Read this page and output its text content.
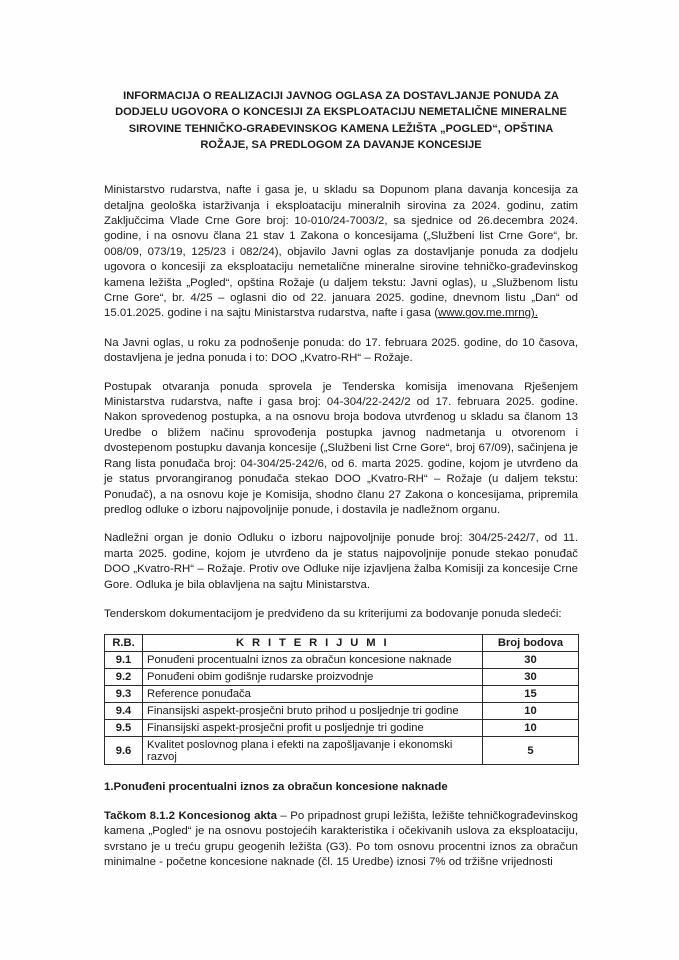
INFORMACIJA O REALIZACIJI JAVNOG OGLASA ZA DOSTAVLJANJE PONUDA ZA
DODJELU UGOVORA O KONCESIJI ZA EKSPLOATACIJU NEMETALIČNE MINERALNE
SIROVINE TEHNIČKO-GRAĐEVINSKOG KAMENA LEŽIŠTA „POGLED“, OPŠTINA
ROŽAJE, SA PREDLOGOM ZA DAVANJE KONCESIJE

Ministarstvo rudarstva, nafte i gasa je, u skladu sa Dopunom plana davanja koncesija za detaljna geološka istarživanja i eksploataciju mineralnih sirovina za 2024. godinu, zatim Zaključcima Vlade Crne Gore broj: 10-010/24-7003/2, sa sjednice od 26.decembra 2024. godine, i na osnovu člana 21 stav 1 Zakona o koncesijama („Službeni list Crne Gore“, br. 008/09, 073/19, 125/23 i 082/24), objavilo Javni oglas za dostavljanje ponuda za dodjelu ugovora o koncesiji za eksploataciju nemetalične mineralne sirovine tehničko-građevinskog kamena ležišta „Pogled“, opština Rožaje (u daljem tekstu: Javni oglas), u „Službenom listu Crne Gore“, br. 4/25 – oglasni dio od 22. januara 2025. godine, dnevnom listu „Dan“ od 15.01.2025. godine i na sajtu Ministarstva rudarstva, nafte i gasa (www.gov.me.mrng).

Na Javni oglas, u roku za podnošenje ponuda: do 17. februara 2025. godine, do 10 časova, dostavljena je jedna ponuda i to: DOO „Kvatro-RH“ – Rožaje.

Postupak otvaranja ponuda sprovela je Tenderska komisija imenovana Rješenjem Ministarstva rudarstva, nafte i gasa broj: 04-304/22-242/2 od 17. februara 2025. godine. Nakon sprovedenog postupka, a na osnovu broja bodova utvrđenog u skladu sa članom 13 Uredbe o bližem načinu sprovođenja postupka javnog nadmetanja u otvorenom i dvostepenom postupku davanja koncesije („Službeni list Crne Gore“, broj 67/09), sačinjena je Rang lista ponuđača broj: 04-304/25-242/6, od 6. marta 2025. godine, kojom je utvrđeno da je status prvorangiranog ponuđača stekao DOO „Kvatro-RH“ – Rožaje (u daljem tekstu: Ponuđač), a na osnovu koje je Komisija, shodno članu 27 Zakona o koncesijama, pripremila predlog odluke o izboru najpovoljnije ponude, i dostavila je nadležnom organu.

Nadležni organ je donio Odluku o izboru najpovoljnije ponude broj: 304/25-242/7, od 11. marta 2025. godine, kojom je utvrđeno da je status najpovoljnije ponude stekao ponuđač DOO „Kvatro-RH“ – Rožaje. Protiv ove Odluke nije izjavljena žalba Komisiji za koncesije Crne Gore. Odluka je bila oblavljena na sajtu Ministarstva.

Tenderskom dokumentacijom je predviđeno da su kriterijumi za bodovanje ponuda sledeći:

R.B.	K R I T E R I J U M I	Broj bodova
9.1	Ponuđeni procentualni iznos za obračun koncesione naknade	30
9.2	Ponuđeni obim godišnje rudarske proizvodnje	30
9.3	Reference ponuđača	15
9.4	Finansijski aspekt-prosječni bruto prihod u posljednje tri godine	10
9.5	Finansijski aspekt-prosječni profit u posljednje tri godine	10
9.6	Kvalitet poslovnog plana i efekti na zapošljavanje i ekonomski razvoj	5
1.Ponuđeni procentualni iznos za obračun koncesione naknade

Tačkom 8.1.2 Koncesionog akta – Po pripadnost grupi ležišta, ležište tehničkograđevinskog kamena „Pogled“ je na osnovu postojećih karakteristika i očekivanih uslova za eksploataciju, svrstano je u treću grupu geogenih ležišta (G3). Po tom osnovu procentni iznos za obračun minimalne - početne koncesione naknade (čl. 15 Uredbe) iznosi 7% od tržišne vrijednosti
